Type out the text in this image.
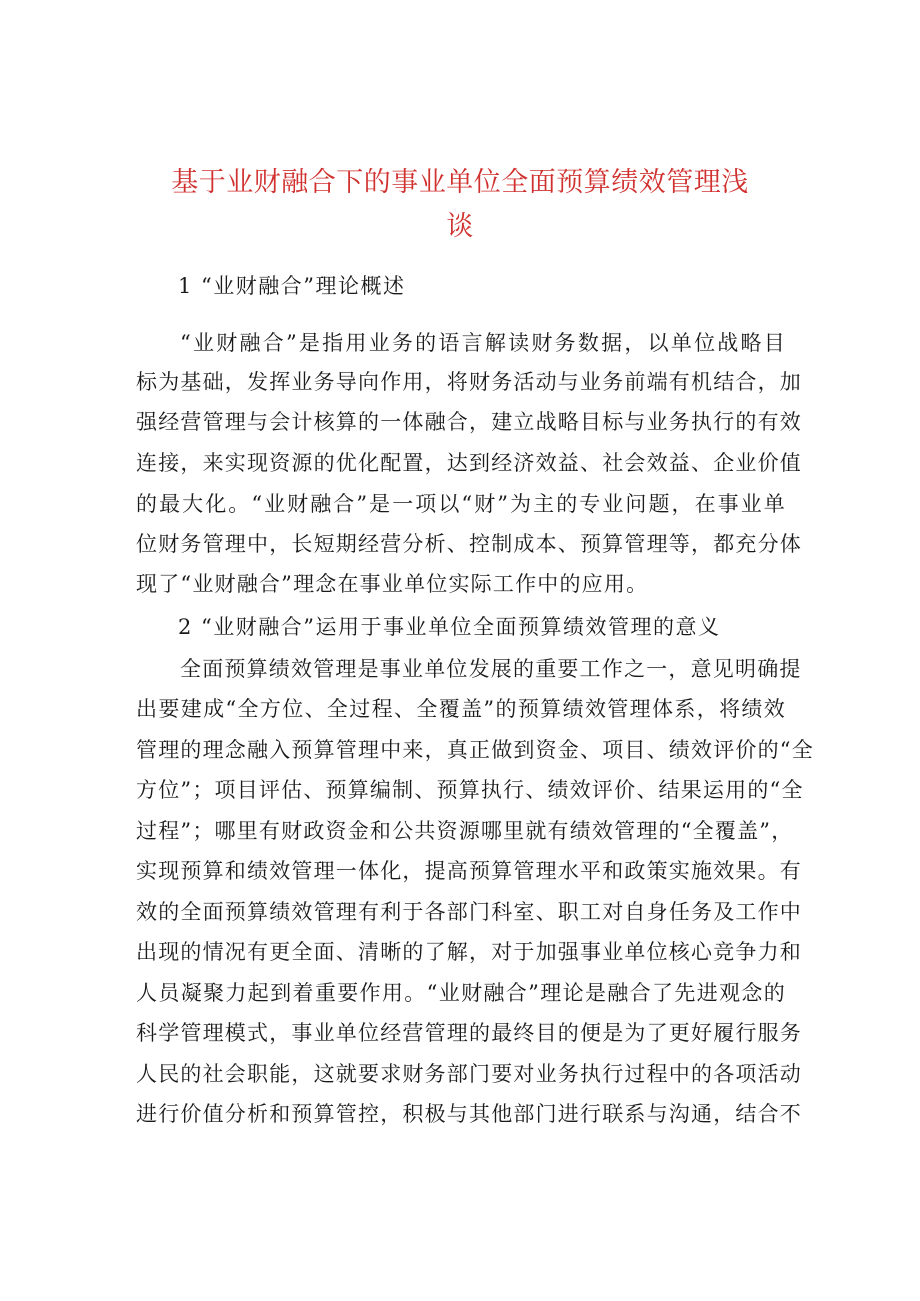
基于业财融合下的事业单位全面预算绩效管理浅
谈
1 “业财融合”理论概述
“业财融合”是指用业务的语言解读财务数据，以单位战略目
标为基础，发挥业务导向作用，将财务活动与业务前端有机结合，加
强经营管理与会计核算的一体融合，建立战略目标与业务执行的有效
连接，来实现资源的优化配置，达到经济效益、社会效益、企业价值
的最大化。“业财融合”是一项以“财”为主的专业问题，在事业单
位财务管理中，长短期经营分析、控制成本、预算管理等，都充分体
现了“业财融合”理念在事业单位实际工作中的应用。
2 “业财融合”运用于事业单位全面预算绩效管理的意义
全面预算绩效管理是事业单位发展的重要工作之一，意见明确提
出要建成“全方位、全过程、全覆盖”的预算绩效管理体系，将绩效
管理的理念融入预算管理中来，真正做到资金、项目、绩效评价的“全
方位”；项目评估、预算编制、预算执行、绩效评价、结果运用的“全
过程”；哪里有财政资金和公共资源哪里就有绩效管理的“全覆盖”，
实现预算和绩效管理一体化，提高预算管理水平和政策实施效果。有
效的全面预算绩效管理有利于各部门科室、职工对自身任务及工作中
出现的情况有更全面、清晰的了解，对于加强事业单位核心竞争力和
人员凝聚力起到着重要作用。“业财融合”理论是融合了先进观念的
科学管理模式，事业单位经营管理的最终目的便是为了更好履行服务
人民的社会职能，这就要求财务部门要对业务执行过程中的各项活动
进行价值分析和预算管控，积极与其他部门进行联系与沟通，结合不
